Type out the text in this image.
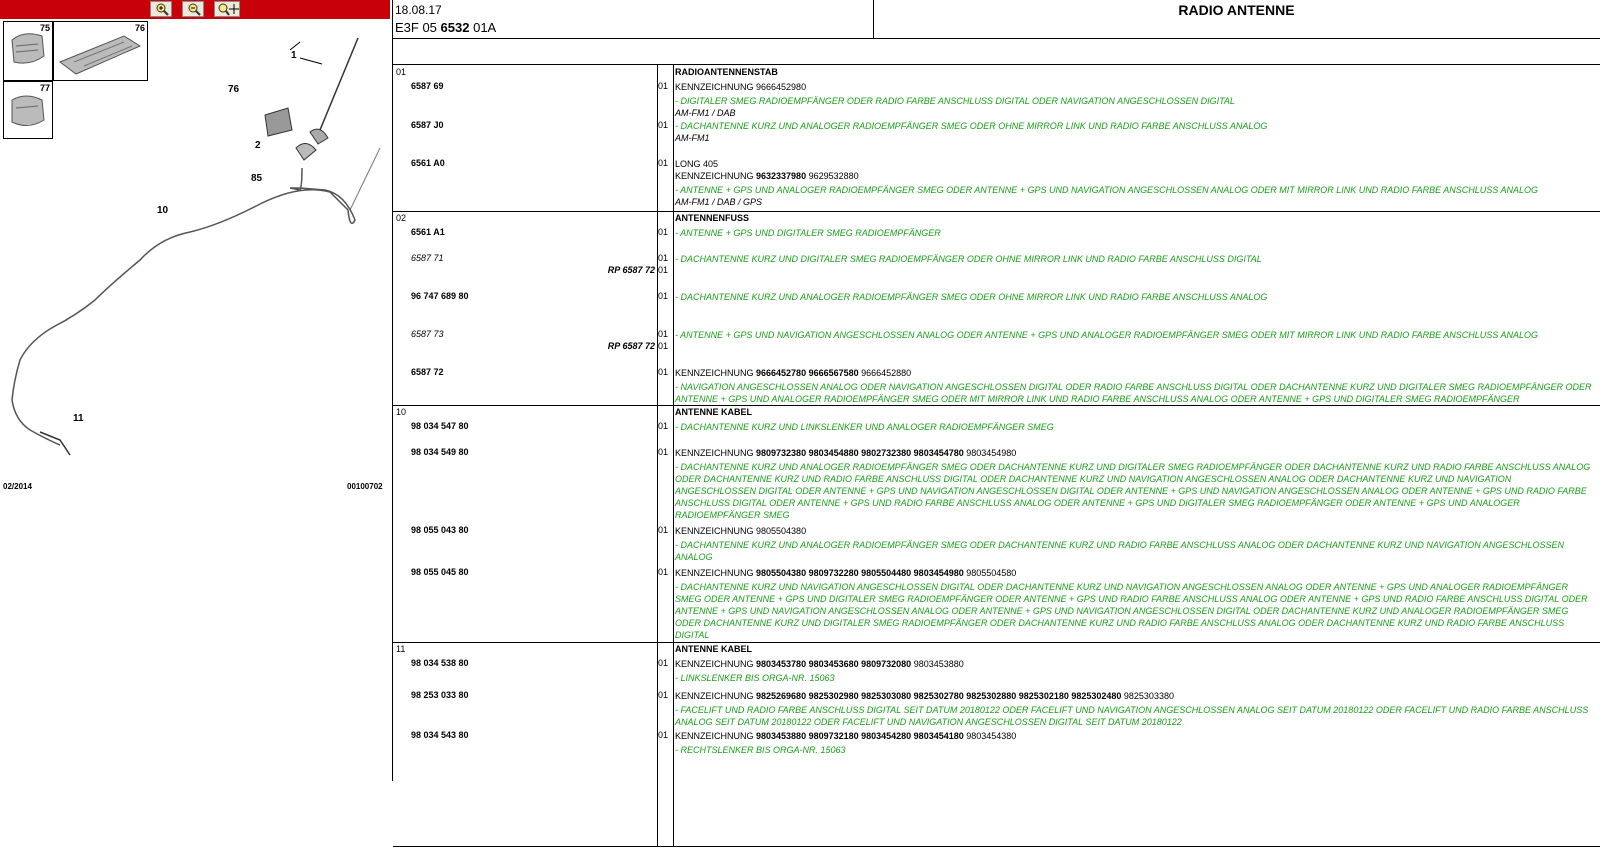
75	76
77
1
76
2
85
10
11
02/2014	00100702
18.08.17
E3F 05 6532 01A
RADIO ANTENNE
01	RADIOANTENNENSTAB
6587 69	01 KENNZEICHNUNG 9666452980
- DIGITALER SMEG RADIOEMPFÄNGER ODER RADIO FARBE ANSCHLUSS DIGITAL ODER NAVIGATION ANGESCHLOSSEN DIGITAL
AM-FM1 / DAB
6587 J0	01 - DACHANTENNE KURZ UND ANALOGER RADIOEMPFÄNGER SMEG ODER OHNE MIRROR LINK UND RADIO FARBE ANSCHLUSS ANALOG
AM-FM1
6561 A0	01 LONG 405
KENNZEICHNUNG 9632337980 9629532880
- ANTENNE + GPS UND ANALOGER RADIOEMPFÄNGER SMEG ODER ANTENNE + GPS UND NAVIGATION ANGESCHLOSSEN ANALOG ODER MIT MIRROR LINK UND RADIO FARBE ANSCHLUSS ANALOG
AM-FM1 / DAB / GPS
02	ANTENNENFUSS
6561 A1	01 - ANTENNE + GPS UND DIGITALER SMEG RADIOEMPFÄNGER
6587 71	01
RP 6587 72 01
- DACHANTENNE KURZ UND DIGITALER SMEG RADIOEMPFÄNGER ODER OHNE MIRROR LINK UND RADIO FARBE ANSCHLUSS DIGITAL
96 747 689 80	01 - DACHANTENNE KURZ UND ANALOGER RADIOEMPFÄNGER SMEG ODER OHNE MIRROR LINK UND RADIO FARBE ANSCHLUSS ANALOG
6587 73	01
RP 6587 72 01
- ANTENNE + GPS UND NAVIGATION ANGESCHLOSSEN ANALOG ODER ANTENNE + GPS UND ANALOGER RADIOEMPFÄNGER SMEG ODER MIT MIRROR LINK UND RADIO FARBE ANSCHLUSS ANALOG
6587 72	01 KENNZEICHNUNG 9666452780 9666567580 9666452880
- NAVIGATION ANGESCHLOSSEN ANALOG ODER NAVIGATION ANGESCHLOSSEN DIGITAL ODER RADIO FARBE ANSCHLUSS DIGITAL ODER DACHANTENNE KURZ UND DIGITALER SMEG RADIOEMPFÄNGER ODER ANTENNE + GPS UND ANALOGER RADIOEMPFÄNGER SMEG ODER MIT MIRROR LINK UND RADIO FARBE ANSCHLUSS ANALOG ODER ANTENNE + GPS UND DIGITALER SMEG RADIOEMPFÄNGER
10	ANTENNE KABEL
98 034 547 80	01 - DACHANTENNE KURZ UND LINKSLENKER UND ANALOGER RADIOEMPFÄNGER SMEG
98 034 549 80	01 KENNZEICHNUNG 9809732380 9803454880 9802732380 9803454780 9803454980
- DACHANTENNE KURZ UND ANALOGER RADIOEMPFÄNGER SMEG ODER DACHANTENNE KURZ UND DIGITALER SMEG RADIOEMPFÄNGER ODER DACHANTENNE KURZ UND RADIO FARBE ANSCHLUSS ANALOG ODER DACHANTENNE KURZ UND RADIO FARBE ANSCHLUSS DIGITAL ODER DACHANTENNE KURZ UND NAVIGATION ANGESCHLOSSEN ANALOG ODER DACHANTENNE KURZ UND NAVIGATION ANGESCHLOSSEN DIGITAL ODER ANTENNE + GPS UND NAVIGATION ANGESCHLOSSEN DIGITAL ODER ANTENNE + GPS UND NAVIGATION ANGESCHLOSSEN ANALOG ODER ANTENNE + GPS UND RADIO FARBE ANSCHLUSS DIGITAL ODER ANTENNE + GPS UND RADIO FARBE ANSCHLUSS ANALOG ODER ANTENNE + GPS UND DIGITALER SMEG RADIOEMPFÄNGER ODER ANTENNE + GPS UND ANALOGER RADIOEMPFÄNGER SMEG
98 055 043 80	01 KENNZEICHNUNG 9805504380
- DACHANTENNE KURZ UND ANALOGER RADIOEMPFÄNGER SMEG ODER DACHANTENNE KURZ UND RADIO FARBE ANSCHLUSS ANALOG ODER DACHANTENNE KURZ UND NAVIGATION ANGESCHLOSSEN ANALOG
98 055 045 80	01 KENNZEICHNUNG 9805504380 9809732280 9805504480 9803454980 9805504580
- DACHANTENNE KURZ UND NAVIGATION ANGESCHLOSSEN DIGITAL ODER DACHANTENNE KURZ UND NAVIGATION ANGESCHLOSSEN ANALOG ODER ANTENNE + GPS UND ANALOGER RADIOEMPFÄNGER SMEG ODER ANTENNE + GPS UND DIGITALER SMEG RADIOEMPFÄNGER ODER ANTENNE + GPS UND RADIO FARBE ANSCHLUSS ANALOG ODER ANTENNE + GPS UND RADIO FARBE ANSCHLUSS DIGITAL ODER ANTENNE + GPS UND NAVIGATION ANGESCHLOSSEN ANALOG ODER ANTENNE + GPS UND NAVIGATION ANGESCHLOSSEN DIGITAL ODER DACHANTENNE KURZ UND ANALOGER RADIOEMPFÄNGER SMEG ODER DACHANTENNE KURZ UND DIGITALER SMEG RADIOEMPFÄNGER ODER DACHANTENNE KURZ UND RADIO FARBE ANSCHLUSS ANALOG ODER DACHANTENNE KURZ UND RADIO FARBE ANSCHLUSS DIGITAL
11	ANTENNE KABEL
98 034 538 80	01 KENNZEICHNUNG 9803453780 9803453680 9809732080 9803453880
- LINKSLENKER BIS ORGA-NR. 15063
98 253 033 80	01 KENNZEICHNUNG 9825269680 9825302980 9825303080 9825302780 9825302880 9825302180 9825302480 9825303380
- FACELIFT UND RADIO FARBE ANSCHLUSS DIGITAL SEIT DATUM 20180122 ODER FACELIFT UND NAVIGATION ANGESCHLOSSEN ANALOG SEIT DATUM 20180122 ODER FACELIFT UND RADIO FARBE ANSCHLUSS ANALOG SEIT DATUM 20180122 ODER FACELIFT UND NAVIGATION ANGESCHLOSSEN DIGITAL SEIT DATUM 20180122
98 034 543 80	01 KENNZEICHNUNG 9803453880 9809732180 9803454280 9803454180 9803454380
- RECHTSLENKER BIS ORGA-NR. 15063
